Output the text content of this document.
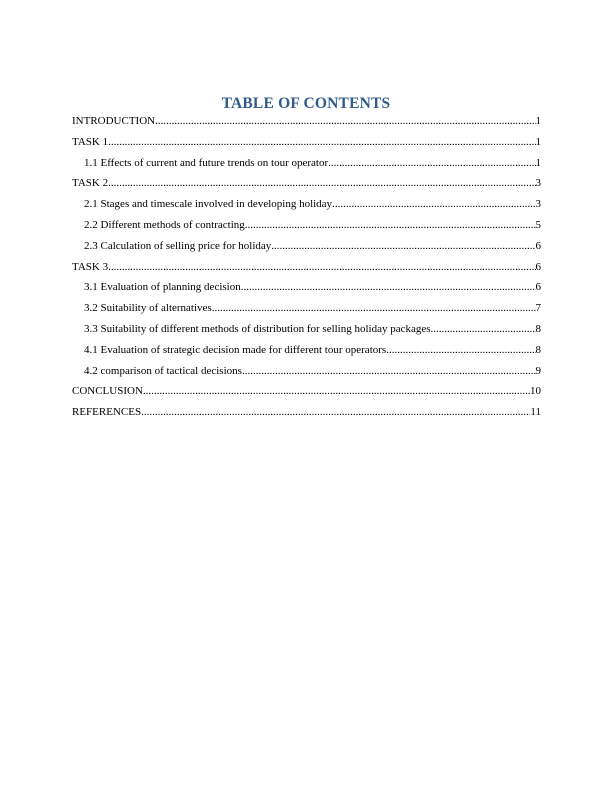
TABLE OF CONTENTS
INTRODUCTION .....	1
TASK 1 .....	1
1.1 Effects of current and future trends on tour operator .....	1
TASK 2 .....	3
2.1 Stages and timescale involved in developing holiday .....	3
2.2 Different methods of contracting .....	5
2.3 Calculation of selling price for holiday .....	6
TASK 3 .....	6
3.1 Evaluation of planning decision .....	6
3.2 Suitability of alternatives .....	7
3.3 Suitability of different methods of distribution for selling holiday packages .....	8
4.1 Evaluation of strategic decision made for different tour operators .....	8
4.2 comparison of tactical decisions .....	9
CONCLUSION .....	10
REFERENCES .....	11
